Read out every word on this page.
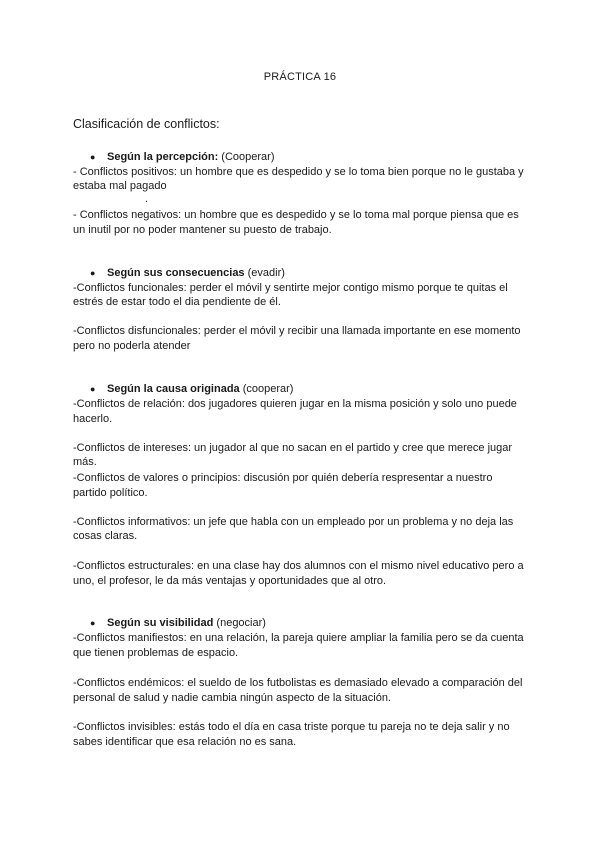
PRÁCTICA 16
Clasificación de conflictos:
● Según la percepción: (Cooperar)
- Conflictos positivos: un hombre que es despedido y se lo toma bien porque no le gustaba y
estaba mal pagado
.
- Conflictos negativos: un hombre que es despedido y se lo toma mal porque piensa que es
un inutil por no poder mantener su puesto de trabajo.
● Según sus consecuencias (evadir)
-Conflictos funcionales: perder el móvil y sentirte mejor contigo mismo porque te quitas el
estrés de estar todo el dia pendiente de él.
-Conflictos disfuncionales: perder el móvil y recibir una llamada importante en ese momento
pero no poderla atender
● Según la causa originada (cooperar)
-Conflictos de relación: dos jugadores quieren jugar en la misma posición y solo uno puede
hacerlo.
-Conflictos de intereses: un jugador al que no sacan en el partido y cree que merece jugar
más.
-Conflictos de valores o principios: discusión por quién debería respresentar a nuestro
partido político.
-Conflictos informativos: un jefe que habla con un empleado por un problema y no deja las
cosas claras.
-Conflictos estructurales: en una clase hay dos alumnos con el mismo nivel educativo pero a
uno, el profesor, le da más ventajas y oportunidades que al otro.
● Según su visibilidad (negociar)
-Conflictos manifiestos: en una relación, la pareja quiere ampliar la familia pero se da cuenta
que tienen problemas de espacio.
-Conflictos endémicos: el sueldo de los futbolistas es demasiado elevado a comparación del
personal de salud y nadie cambia ningún aspecto de la situación.
-Conflictos invisibles: estás todo el día en casa triste porque tu pareja no te deja salir y no
sabes identificar que esa relación no es sana.
